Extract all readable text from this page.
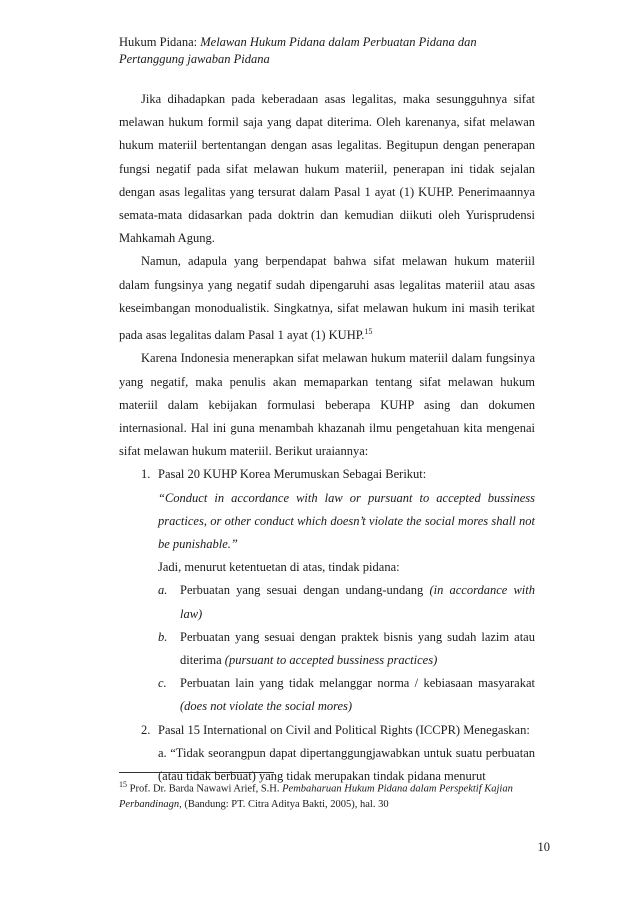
Hukum Pidana: Melawan Hukum Pidana dalam Perbuatan Pidana dan Pertanggung jawaban Pidana

Jika dihadapkan pada keberadaan asas legalitas, maka sesungguhnya sifat melawan hukum formil saja yang dapat diterima. Oleh karenanya, sifat melawan hukum materiil bertentangan dengan asas legalitas. Begitupun dengan penerapan fungsi negatif pada sifat melawan hukum materiil, penerapan ini tidak sejalan dengan asas legalitas yang tersurat dalam Pasal 1 ayat (1) KUHP. Penerimaannya semata-mata didasarkan pada doktrin dan kemudian diikuti oleh Yurisprudensi Mahkamah Agung.

Namun, adapula yang berpendapat bahwa sifat melawan hukum materiil dalam fungsinya yang negatif sudah dipengaruhi asas legalitas materiil atau asas keseimbangan monodualistik. Singkatnya, sifat melawan hukum ini masih terikat pada asas legalitas dalam Pasal 1 ayat (1) KUHP.$^{15}$

Karena Indonesia menerapkan sifat melawan hukum materiil dalam fungsinya yang negatif, maka penulis akan memaparkan tentang sifat melawan hukum materiil dalam kebijakan formulasi beberapa KUHP asing dan dokumen internasional. Hal ini guna menambah khazanah ilmu pengetahuan kita mengenai sifat melawan hukum materiil. Berikut uraiannya:

1. Pasal 20 KUHP Korea Merumuskan Sebagai Berikut:
“Conduct in accordance with law or pursuant to accepted bussiness practices, or other conduct which doesn’t violate the social mores shall not be punishable.”
Jadi, menurut ketentuetan di atas, tindak pidana:
a. Perbuatan yang sesuai dengan undang-undang (in accordance with law)
b. Perbuatan yang sesuai dengan praktek bisnis yang sudah lazim atau diterima (pursuant to accepted bussiness practices)
c. Perbuatan lain yang tidak melanggar norma / kebiasaan masyarakat (does not violate the social mores)
2. Pasal 15 International on Civil and Political Rights (ICCPR) Menegaskan:
a. “Tidak seorangpun dapat dipertanggungjawabkan untuk suatu perbuatan (atau tidak berbuat) yang tidak merupakan tindak pidana menurut
$^{15}$ Prof. Dr. Barda Nawawi Arief, S.H. Pembaharuan Hukum Pidana dalam Perspektif Kajian Perbandinagn, (Bandung: PT. Citra Aditya Bakti, 2005), hal. 30
10
